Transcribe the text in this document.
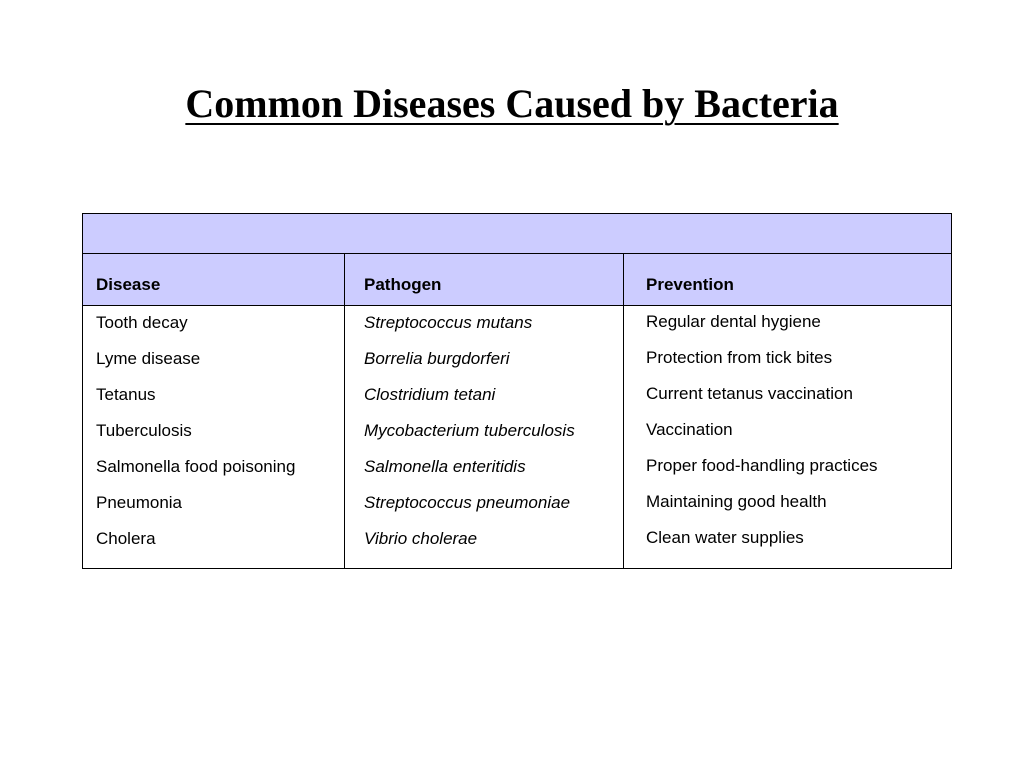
Common Diseases Caused by Bacteria
Disease	Pathogen	Prevention
Tooth decay
Lyme disease
Tetanus
Tuberculosis
Salmonella food poisoning
Pneumonia
Cholera
Streptococcus mutans
Borrelia burgdorferi
Clostridium tetani
Mycobacterium tuberculosis
Salmonella enteritidis
Streptococcus pneumoniae
Vibrio cholerae
Regular dental hygiene
Protection from tick bites
Current tetanus vaccination
Vaccination
Proper food-handling practices
Maintaining good health
Clean water supplies
